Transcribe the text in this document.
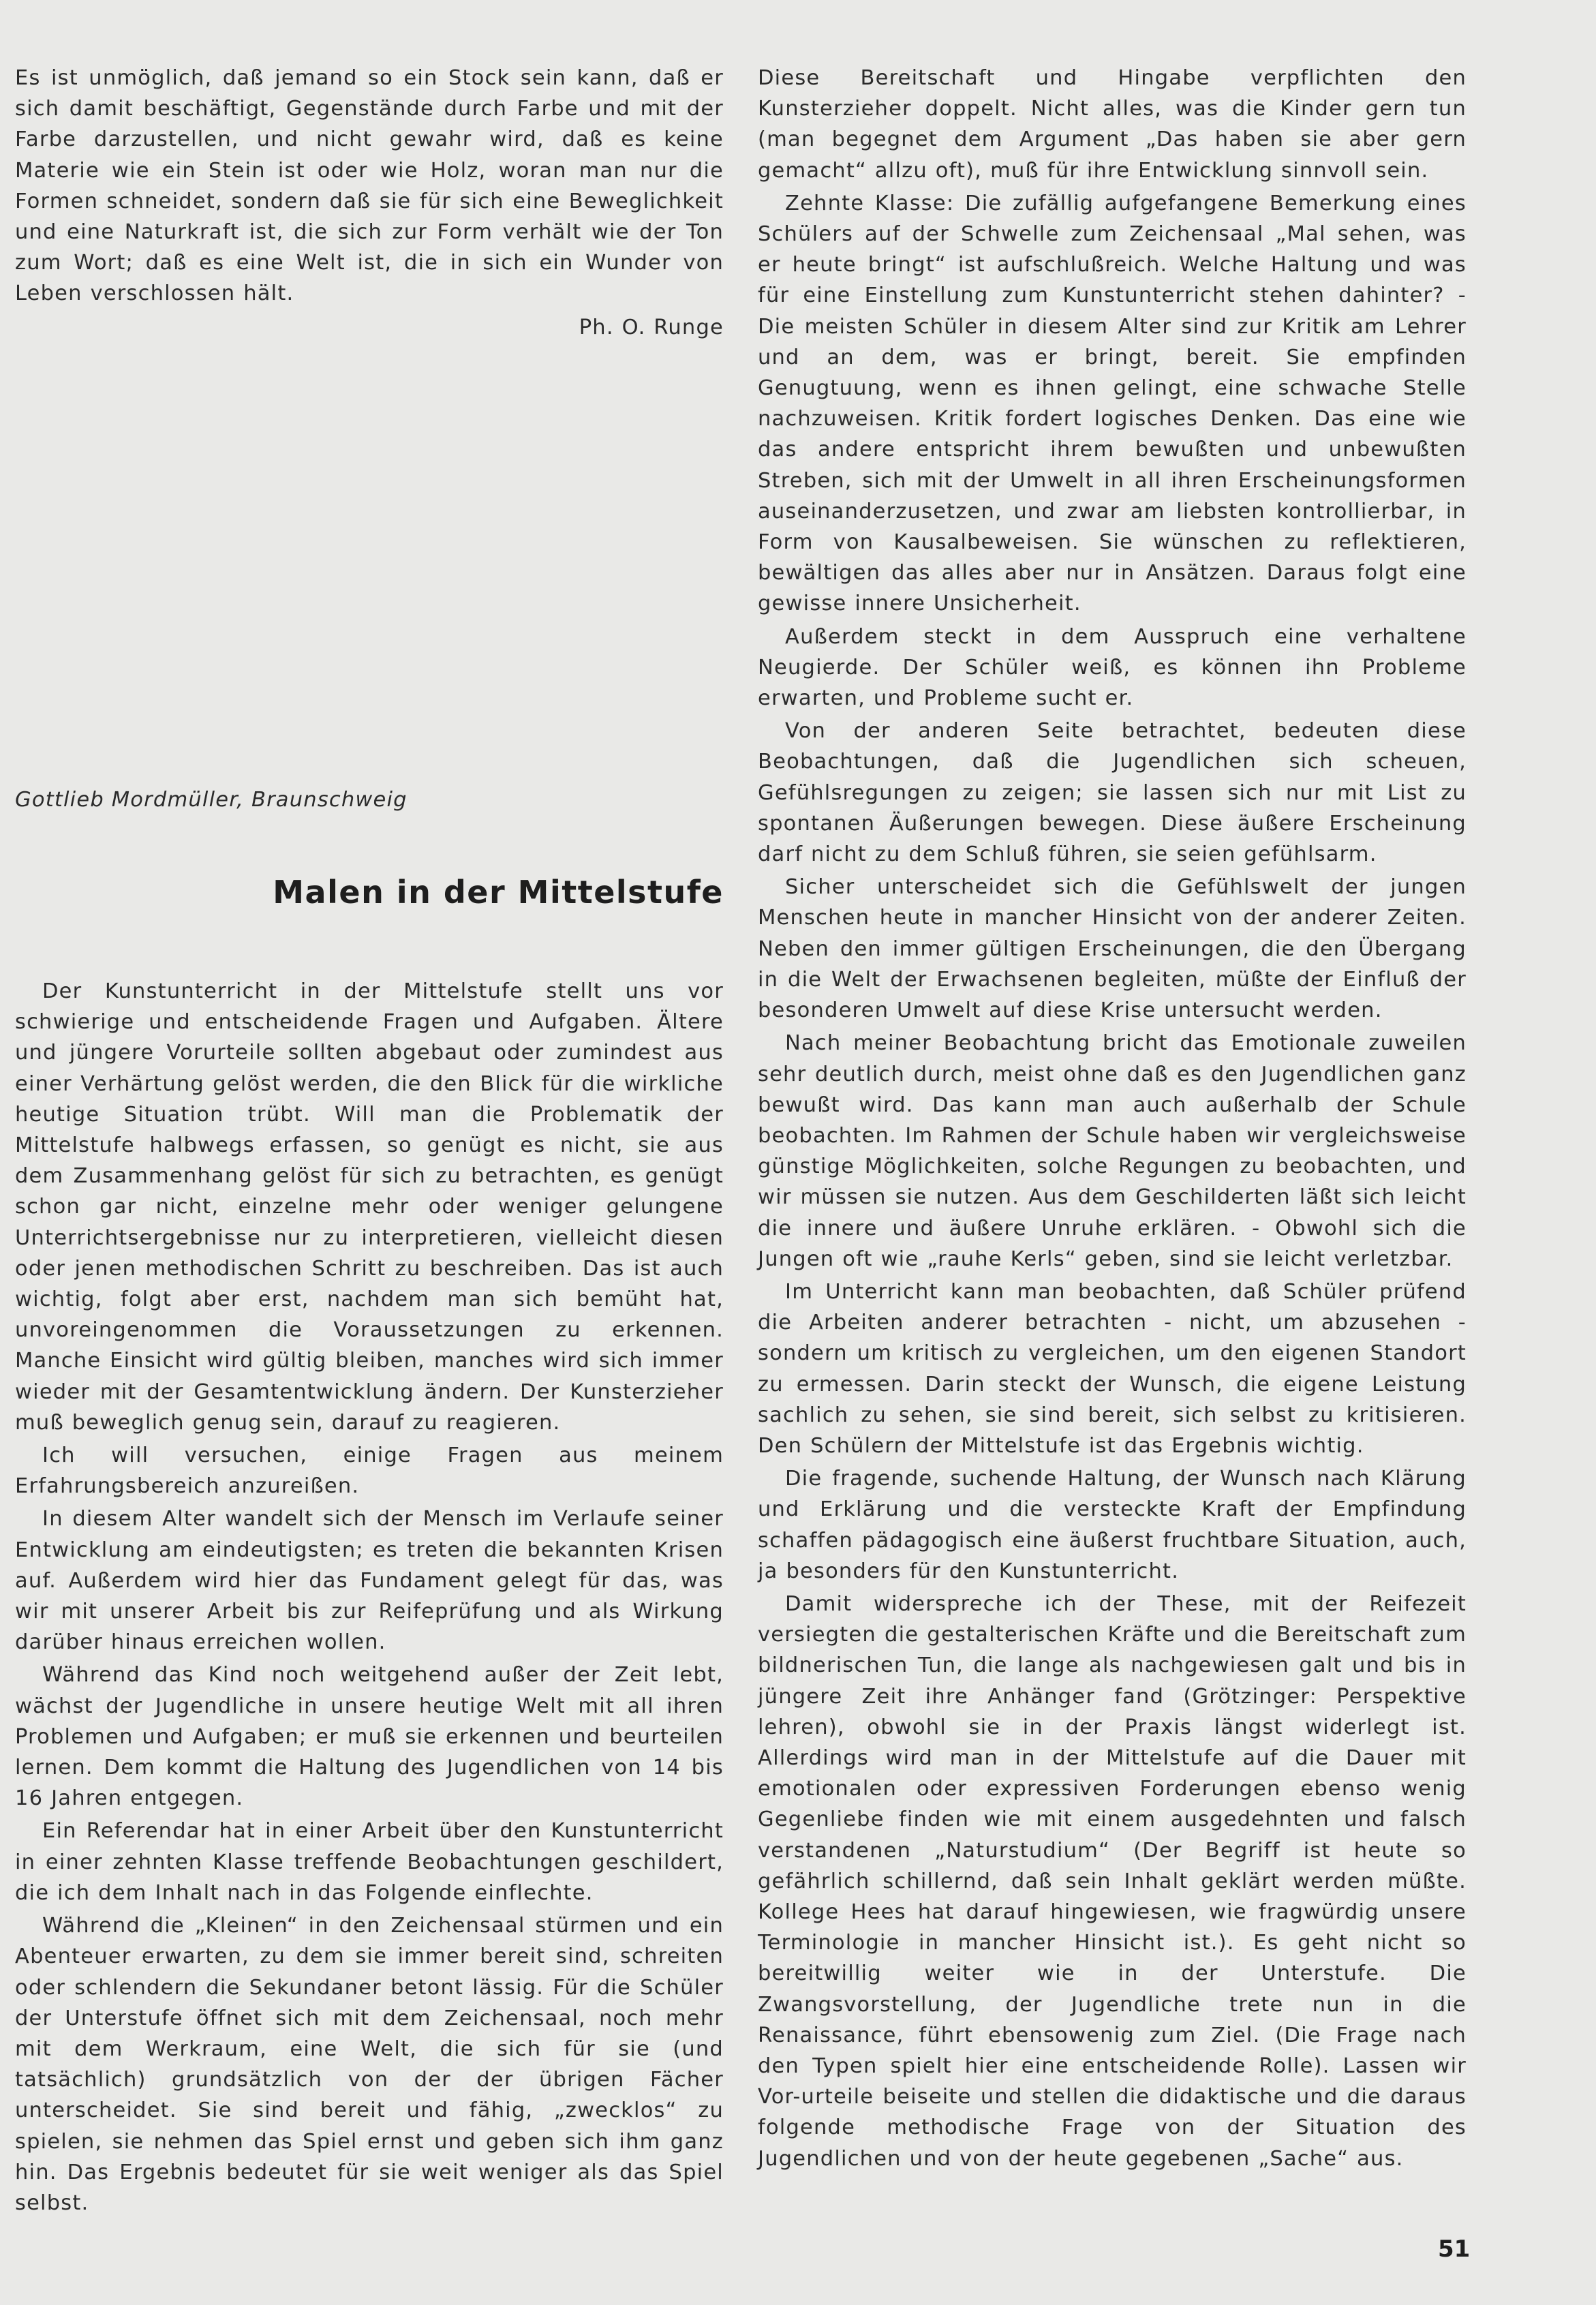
Es ist unmöglich, daß jemand so ein Stock sein kann, daß er sich damit beschäftigt, Gegenstände durch Farbe und mit der Farbe darzustellen, und nicht gewahr wird, daß es keine Materie wie ein Stein ist oder wie Holz, woran man nur die Formen schneidet, sondern daß sie für sich eine Beweglichkeit und eine Naturkraft ist, die sich zur Form verhält wie der Ton zum Wort; daß es eine Welt ist, die in sich ein Wunder von Leben verschlossen hält.

Ph. O. Runge
Gottlieb Mordmüller, Braunschweig
Malen in der Mittelstufe

Der Kunstunterricht in der Mittelstufe stellt uns vor schwierige und entscheidende Fragen und Aufgaben. Ältere und jüngere Vorurteile sollten abgebaut oder zumindest aus einer Verhärtung gelöst werden, die den Blick für die wirkliche heutige Situation trübt. Will man die Problematik der Mittelstufe halbwegs erfassen, so genügt es nicht, sie aus dem Zusammenhang gelöst für sich zu betrachten, es genügt schon gar nicht, einzelne mehr oder weniger gelungene Unterrichtsergebnisse nur zu interpretieren, vielleicht diesen oder jenen methodischen Schritt zu beschreiben. Das ist auch wichtig, folgt aber erst, nachdem man sich bemüht hat, unvoreingenommen die Voraussetzungen zu erkennen. Manche Einsicht wird gültig bleiben, manches wird sich immer wieder mit der Gesamtentwicklung ändern. Der Kunsterzieher muß beweglich genug sein, darauf zu reagieren.

Ich will versuchen, einige Fragen aus meinem Erfahrungsbereich anzureißen.

In diesem Alter wandelt sich der Mensch im Verlaufe seiner Entwicklung am eindeutigsten; es treten die bekannten Krisen auf. Außerdem wird hier das Fundament gelegt für das, was wir mit unserer Arbeit bis zur Reifeprüfung und als Wirkung darüber hinaus erreichen wollen.

Während das Kind noch weitgehend außer der Zeit lebt, wächst der Jugendliche in unsere heutige Welt mit all ihren Problemen und Aufgaben; er muß sie erkennen und beurteilen lernen. Dem kommt die Haltung des Jugendlichen von 14 bis 16 Jahren entgegen.

Ein Referendar hat in einer Arbeit über den Kunstunterricht in einer zehnten Klasse treffende Beobachtungen geschildert, die ich dem Inhalt nach in das Folgende einflechte.

Während die „Kleinen“ in den Zeichensaal stürmen und ein Abenteuer erwarten, zu dem sie immer bereit sind, schreiten oder schlendern die Sekundaner betont lässig. Für die Schüler der Unterstufe öffnet sich mit dem Zeichensaal, noch mehr mit dem Werkraum, eine Welt, die sich für sie (und tatsächlich) grundsätzlich von der der übrigen Fächer unterscheidet. Sie sind bereit und fähig, „zwecklos“ zu spielen, sie nehmen das Spiel ernst und geben sich ihm ganz hin. Das Ergebnis bedeutet für sie weit weniger als das Spiel selbst.

Diese Bereitschaft und Hingabe verpflichten den Kunsterzieher doppelt. Nicht alles, was die Kinder gern tun (man begegnet dem Argument „Das haben sie aber gern gemacht“ allzu oft), muß für ihre Entwicklung sinnvoll sein.

Zehnte Klasse: Die zufällig aufgefangene Bemerkung eines Schülers auf der Schwelle zum Zeichensaal „Mal sehen, was er heute bringt“ ist aufschlußreich. Welche Haltung und was für eine Einstellung zum Kunstunterricht stehen dahinter? - Die meisten Schüler in diesem Alter sind zur Kritik am Lehrer und an dem, was er bringt, bereit. Sie empfinden Genugtuung, wenn es ihnen gelingt, eine schwache Stelle nachzuweisen. Kritik fordert logisches Denken. Das eine wie das andere entspricht ihrem bewußten und unbewußten Streben, sich mit der Umwelt in all ihren Erscheinungsformen auseinanderzusetzen, und zwar am liebsten kontrollierbar, in Form von Kausalbeweisen. Sie wünschen zu reflektieren, bewältigen das alles aber nur in Ansätzen. Daraus folgt eine gewisse innere Unsicherheit.

Außerdem steckt in dem Ausspruch eine verhaltene Neugierde. Der Schüler weiß, es können ihn Probleme erwarten, und Probleme sucht er.

Von der anderen Seite betrachtet, bedeuten diese Beobachtungen, daß die Jugendlichen sich scheuen, Gefühlsregungen zu zeigen; sie lassen sich nur mit List zu spontanen Äußerungen bewegen. Diese äußere Erscheinung darf nicht zu dem Schluß führen, sie seien gefühlsarm.

Sicher unterscheidet sich die Gefühlswelt der jungen Menschen heute in mancher Hinsicht von der anderer Zeiten. Neben den immer gültigen Erscheinungen, die den Übergang in die Welt der Erwachsenen begleiten, müßte der Einfluß der besonderen Umwelt auf diese Krise untersucht werden.

Nach meiner Beobachtung bricht das Emotionale zuweilen sehr deutlich durch, meist ohne daß es den Jugendlichen ganz bewußt wird. Das kann man auch außerhalb der Schule beobachten. Im Rahmen der Schule haben wir vergleichsweise günstige Möglichkeiten, solche Regungen zu beobachten, und wir müssen sie nutzen. Aus dem Geschilderten läßt sich leicht die innere und äußere Unruhe erklären. - Obwohl sich die Jungen oft wie „rauhe Kerls“ geben, sind sie leicht verletzbar.

Im Unterricht kann man beobachten, daß Schüler prüfend die Arbeiten anderer betrachten - nicht, um abzusehen - sondern um kritisch zu vergleichen, um den eigenen Standort zu ermessen. Darin steckt der Wunsch, die eigene Leistung sachlich zu sehen, sie sind bereit, sich selbst zu kritisieren. Den Schülern der Mittelstufe ist das Ergebnis wichtig.

Die fragende, suchende Haltung, der Wunsch nach Klärung und Erklärung und die versteckte Kraft der Empfindung schaffen pädagogisch eine äußerst fruchtbare Situation, auch, ja besonders für den Kunstunterricht.

Damit widerspreche ich der These, mit der Reifezeit versiegten die gestalterischen Kräfte und die Bereitschaft zum bildnerischen Tun, die lange als nachgewiesen galt und bis in jüngere Zeit ihre Anhänger fand (Grötzinger: Perspektive lehren), obwohl sie in der Praxis längst widerlegt ist. Allerdings wird man in der Mittelstufe auf die Dauer mit emotionalen oder expressiven Forderungen ebenso wenig Gegenliebe finden wie mit einem ausgedehnten und falsch verstandenen „Naturstudium“ (Der Begriff ist heute so gefährlich schillernd, daß sein Inhalt geklärt werden müßte. Kollege Hees hat darauf hingewiesen, wie fragwürdig unsere Terminologie in mancher Hinsicht ist.). Es geht nicht so bereitwillig weiter wie in der Unterstufe. Die Zwangsvorstellung, der Jugendliche trete nun in die Renaissance, führt ebensowenig zum Ziel. (Die Frage nach den Typen spielt hier eine entscheidende Rolle). Lassen wir Vor-urteile beiseite und stellen die didaktische und die daraus folgende methodische Frage von der Situation des Jugendlichen und von der heute gegebenen „Sache“ aus.

51
